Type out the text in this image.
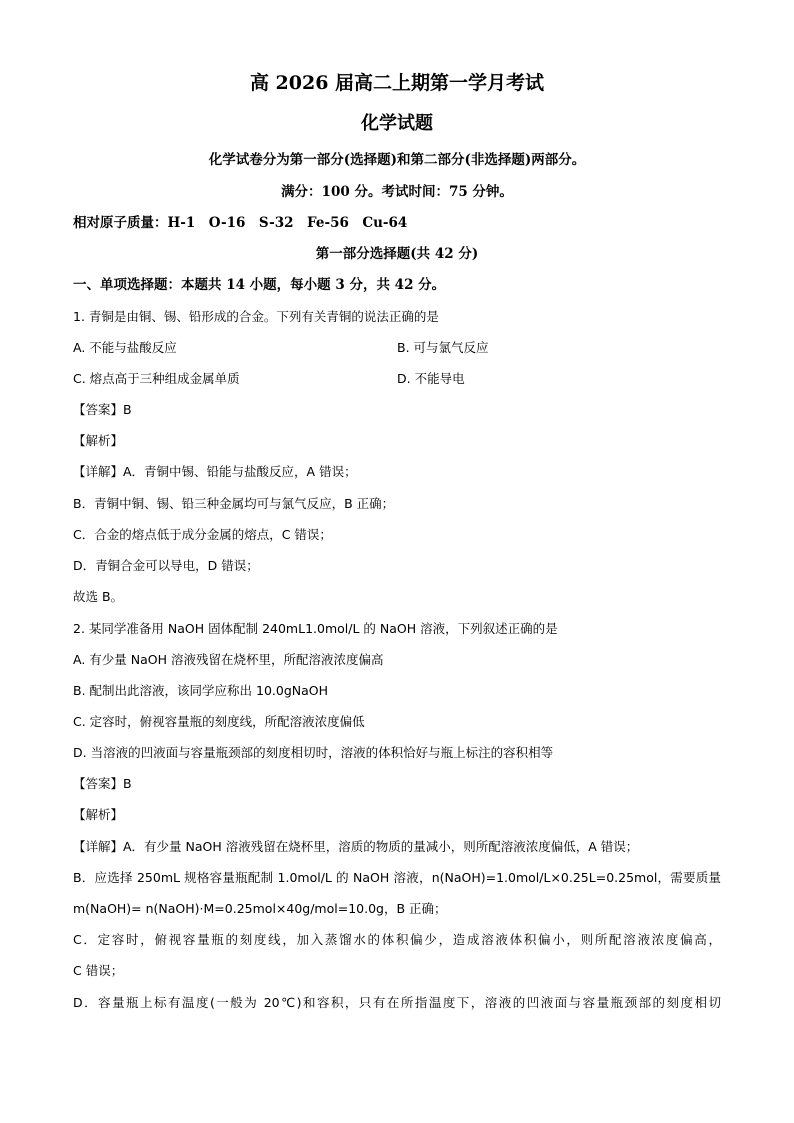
高 2026 届高二上期第一学月考试
化学试题
化学试卷分为第一部分(选择题)和第二部分(非选择题)两部分。
满分：100 分。考试时间：75 分钟。
相对原子质量：H-1　O-16　S-32　Fe-56　Cu-64
第一部分选择题(共 42 分)
一、单项选择题：本题共 14 小题，每小题 3 分，共 42 分。
1. 青铜是由铜、锡、铅形成的合金。下列有关青铜的说法正确的是
A. 不能与盐酸反应	B. 可与氯气反应
C. 熔点高于三种组成金属单质	D. 不能导电
【答案】B
【解析】
【详解】A．青铜中锡、铅能与盐酸反应，A 错误；
B．青铜中铜、锡、铅三种金属均可与氯气反应，B 正确；
C．合金的熔点低于成分金属的熔点，C 错误；
D．青铜合金可以导电，D 错误；
故选 B。
2. 某同学准备用 NaOH 固体配制 240mL1.0mol/L 的 NaOH 溶液，下列叙述正确的是
A. 有少量 NaOH 溶液残留在烧杯里，所配溶液浓度偏高
B. 配制出此溶液，该同学应称出 10.0gNaOH
C. 定容时，俯视容量瓶的刻度线，所配溶液浓度偏低
D. 当溶液的凹液面与容量瓶颈部的刻度相切时，溶液的体积恰好与瓶上标注的容积相等
【答案】B
【解析】
【详解】A．有少量 NaOH 溶液残留在烧杯里，溶质的物质的量减小，则所配溶液浓度偏低，A 错误；
B．应选择 250mL 规格容量瓶配制 1.0mol/L 的 NaOH 溶液，n(NaOH)=1.0mol/L×0.25L=0.25mol，需要质量
m(NaOH)= n(NaOH)·M=0.25mol×40g/mol=10.0g，B 正确；
C．定容时，俯视容量瓶的刻度线，加入蒸馏水的体积偏少，造成溶液体积偏小，则所配溶液浓度偏高，
C 错误；
D．容量瓶上标有温度(一般为 20℃)和容积，只有在所指温度下，溶液的凹液面与容量瓶颈部的刻度相切
